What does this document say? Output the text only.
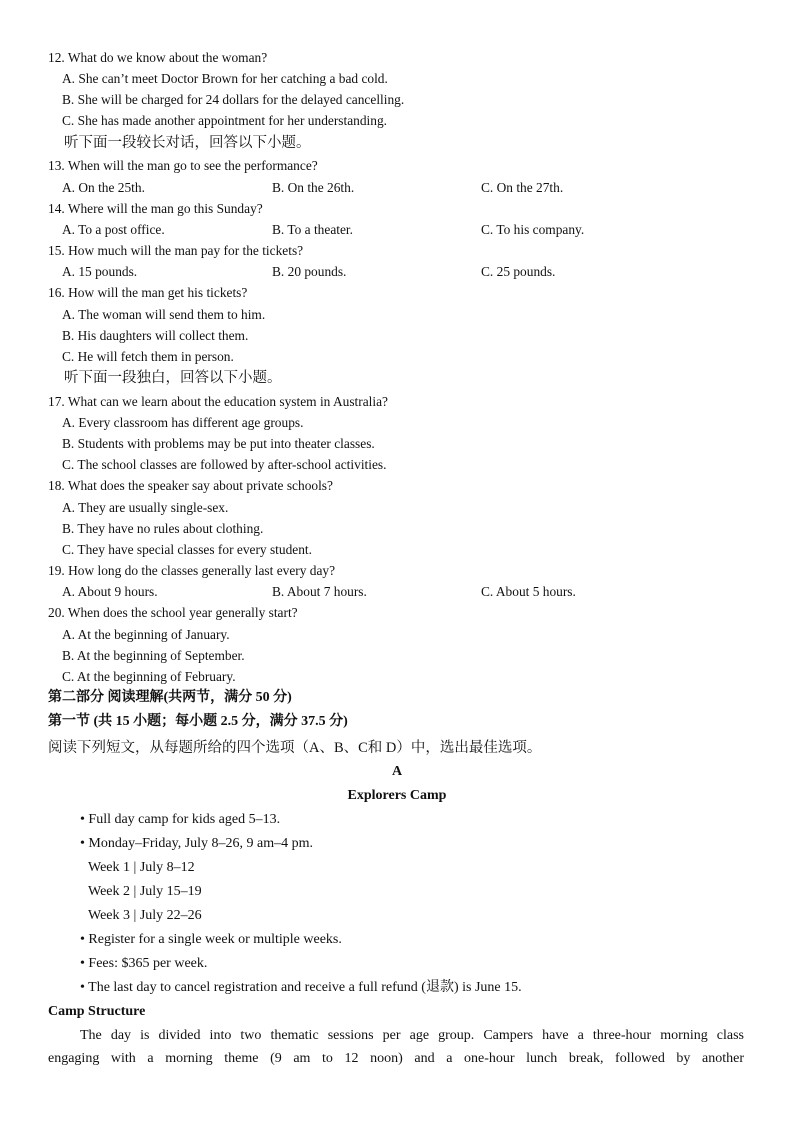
12. What do we know about the woman?
A. She can’t meet Doctor Brown for her catching a bad cold.
B. She will be charged for 24 dollars for the delayed cancelling.
C. She has made another appointment for her understanding.
听下面一段较长对话，回答以下小题。
13. When will the man go to see the performance?
A. On the 25th.	B. On the 26th.	C. On the 27th.
14. Where will the man go this Sunday?
A. To a post office.	B. To a theater.	C. To his company.
15. How much will the man pay for the tickets?
A. 15 pounds.	B. 20 pounds.	C. 25 pounds.
16. How will the man get his tickets?
A. The woman will send them to him.
B. His daughters will collect them.
C. He will fetch them in person.
听下面一段独白，回答以下小题。
17. What can we learn about the education system in Australia?
A. Every classroom has different age groups.
B. Students with problems may be put into theater classes.
C. The school classes are followed by after-school activities.
18. What does the speaker say about private schools?
A. They are usually single-sex.
B. They have no rules about clothing.
C. They have special classes for every student.
19. How long do the classes generally last every day?
A. About 9 hours.	B. About 7 hours.	C. About 5 hours.
20. When does the school year generally start?
A. At the beginning of January.
B. At the beginning of September.
C. At the beginning of February.
第二部分 阅读理解(共两节，满分 50 分)
第一节 (共 15 小题；每小题 2.5 分，满分 37.5 分)
阅读下列短文，从每题所给的四个选项（A、B、C和 D）中，选出最佳选项。
A
Explorers Camp
• Full day camp for kids aged 5–13.
• Monday–Friday, July 8–26, 9 am–4 pm.
Week 1 | July 8–12
Week 2 | July 15–19
Week 3 | July 22–26
• Register for a single week or multiple weeks.
• Fees: $365 per week.
• The last day to cancel registration and receive a full refund (退款) is June 15.
Camp Structure
The day is divided into two thematic sessions per age group. Campers have a three-hour morning class
engaging with a morning theme (9 am to 12 noon) and a one-hour lunch break, followed by another
